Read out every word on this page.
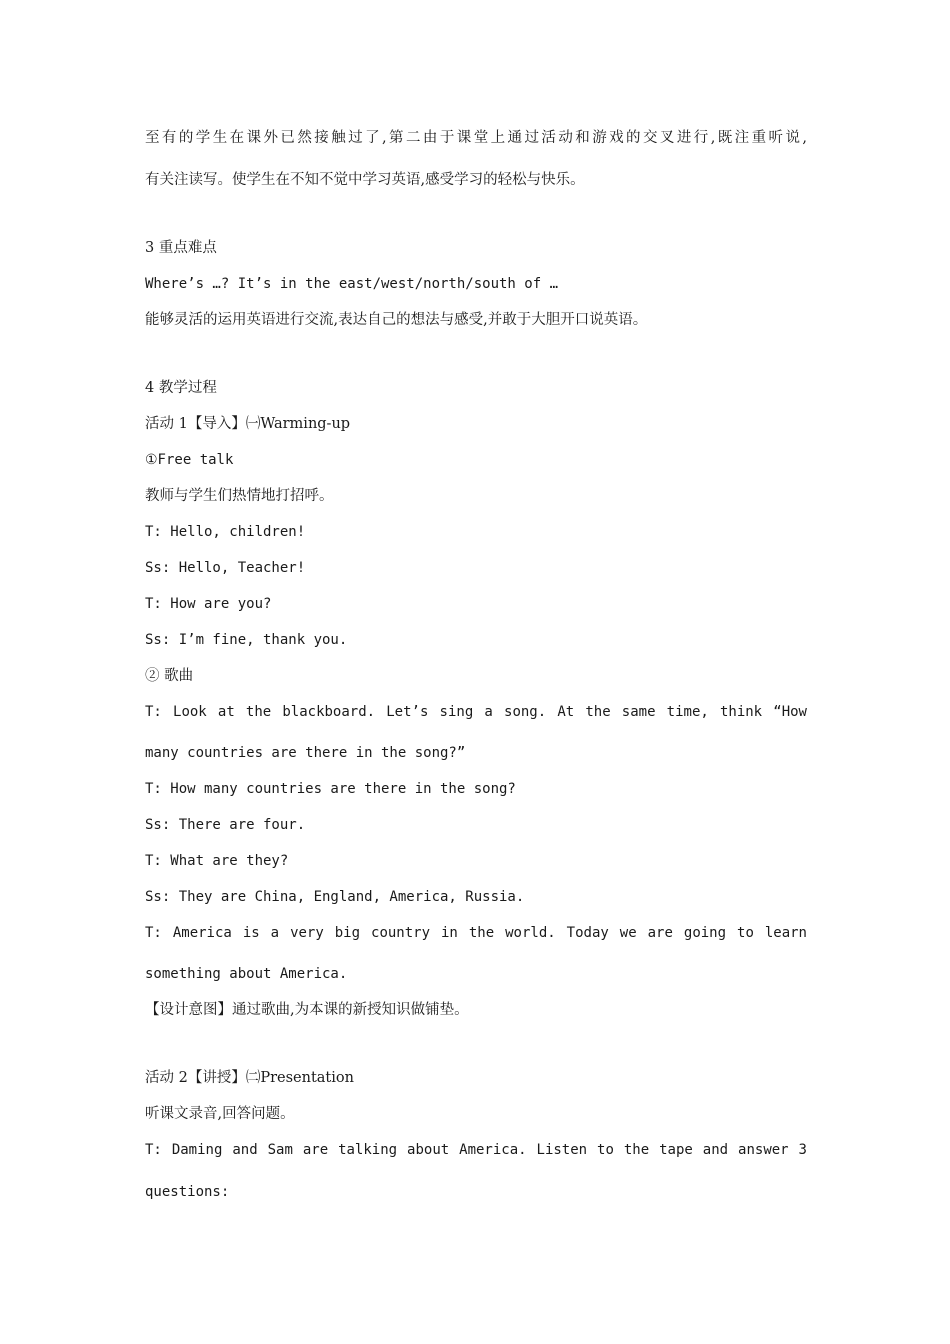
至有的学生在课外已然接触过了,第二由于课堂上通过活动和游戏的交叉进行,既注重听说,
有关注读写。使学生在不知不觉中学习英语,感受学习的轻松与快乐。
3 重点难点
Where’s …? It’s in the east/west/north/south of …
能够灵活的运用英语进行交流,表达自己的想法与感受,并敢于大胆开口说英语。
4 教学过程
活动 1【导入】㈠Warming-up
①Free talk
教师与学生们热情地打招呼。
T: Hello, children!
Ss: Hello, Teacher!
T: How are you?
Ss: I’m fine, thank you.
② 歌曲
T: Look at the blackboard. Let’s sing a song. At the same time, think “How
many countries are there in the song?”
T: How many countries are there in the song?
Ss: There are four.
T: What are they?
Ss: They are China, England, America, Russia.
T: America is a very big country in the world. Today we are going to learn
something about America.
【设计意图】通过歌曲,为本课的新授知识做铺垫。
活动 2【讲授】㈡Presentation
听课文录音,回答问题。
T: Daming and Sam are talking about America. Listen to the tape and answer 3
questions:
